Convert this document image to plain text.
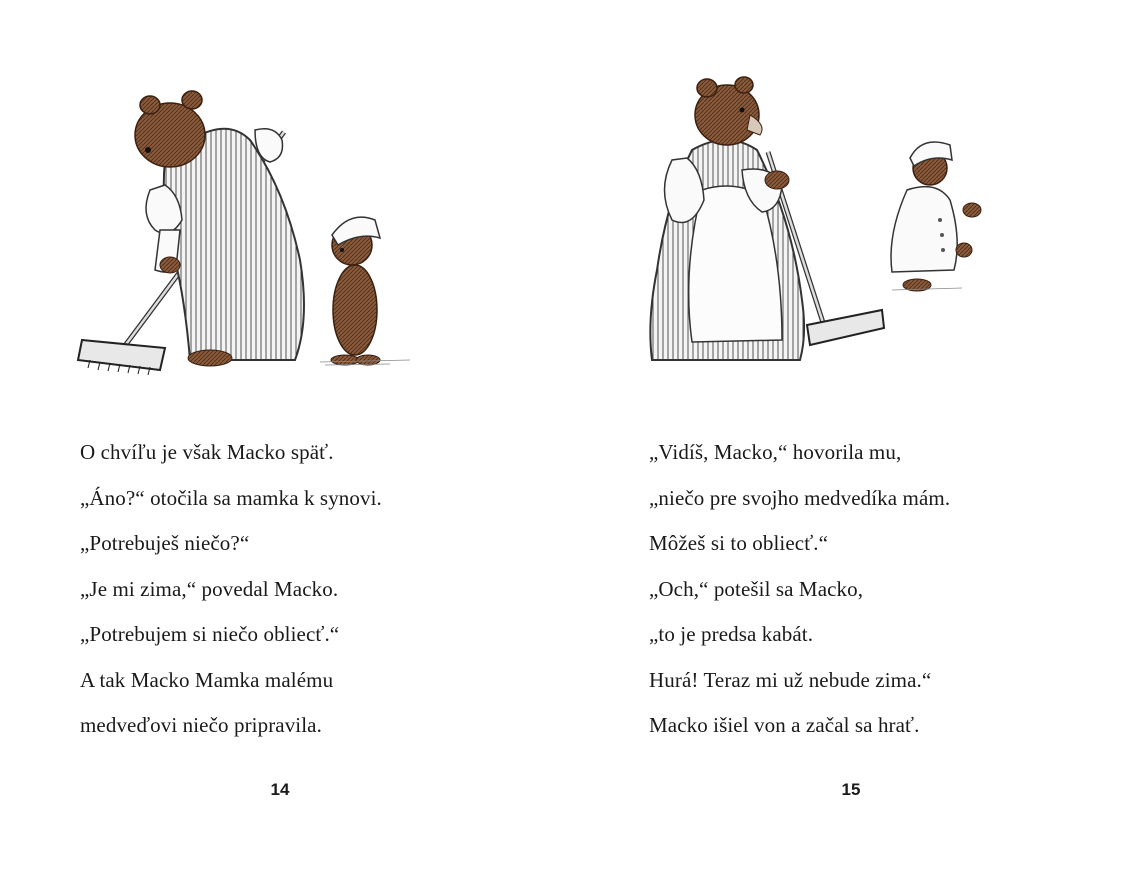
O chvíľu je však Macko späť.
„Áno?“ otočila sa mamka k synovi.
„Potrebuješ niečo?“
„Je mi zima,“ povedal Macko.
„Potrebujem si niečo obliecť.“
A tak Macko Mamka malému
medveďovi niečo pripravila.
14
„Vidíš, Macko,“ hovorila mu,
„niečo pre svojho medvedíka mám.
Môžeš si to obliecť.“
„Och,“ potešil sa Macko,
„to je predsa kabát.
Hurá! Teraz mi už nebude zima.“
Macko išiel von a začal sa hrať.
15
